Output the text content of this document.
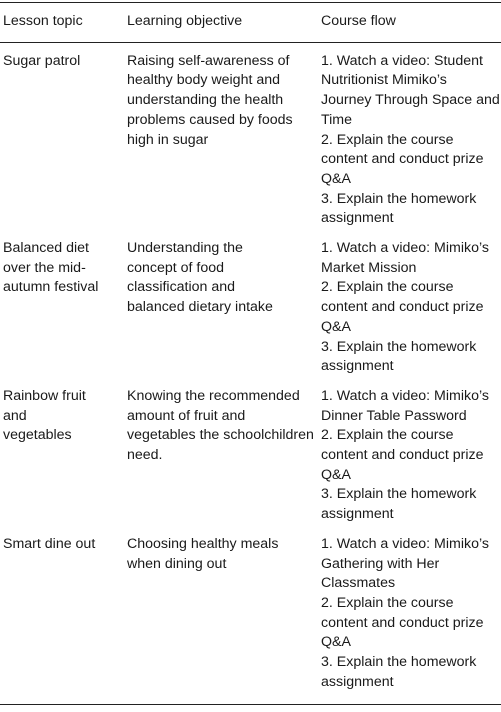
Lesson topic	Learning objective	Course flow
Sugar patrol	Raising self-awareness of healthy body weight and understanding the health problems caused by foods high in sugar	1. Watch a video: Student Nutritionist Mimiko’s Journey Through Space and Time
2. Explain the course content and conduct prize Q&A
3. Explain the homework assignment

Balanced diet over the mid-autumn festival	Understanding the concept of food classification and balanced dietary intake	1. Watch a video: Mimiko’s Market Mission
2. Explain the course content and conduct prize Q&A
3. Explain the homework assignment

Rainbow fruit and vegetables	Knowing the recommended amount of fruit and vegetables the schoolchildren need.	1. Watch a video: Mimiko’s Dinner Table Password
2. Explain the course content and conduct prize Q&A
3. Explain the homework assignment

Smart dine out	Choosing healthy meals when dining out	1. Watch a video: Mimiko’s Gathering with Her Classmates
2. Explain the course content and conduct prize Q&A
3. Explain the homework assignment
